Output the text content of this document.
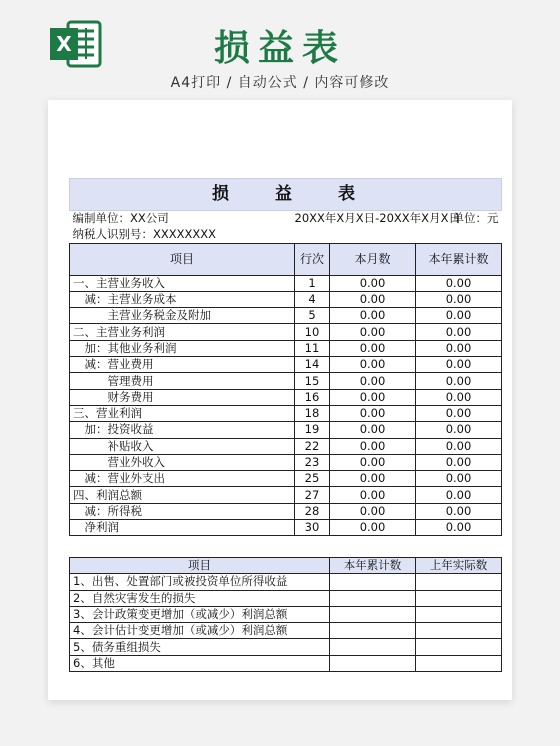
X	损益表
A4打印 / 自动公式 / 内容可修改
损　　益　　表			
编制单位：XX公司	20XX年X月X日-20XX年X月X日		单位：元
纳税人识别号：XXXXXXXX			
项目	行次	本月数	本年累计数
一、主营业务收入	1	0.00	0.00
　减：主营业务成本	4	0.00	0.00
　　　主营业务税金及附加	5	0.00	0.00
二、主营业务利润	10	0.00	0.00
　加：其他业务利润	11	0.00	0.00
　减：营业费用	14	0.00	0.00
　　　管理费用	15	0.00	0.00
　　　财务费用	16	0.00	0.00
三、营业利润	18	0.00	0.00
　加：投资收益	19	0.00	0.00
　　　补贴收入	22	0.00	0.00
　　　营业外收入	23	0.00	0.00
　减：营业外支出	25	0.00	0.00
四、利润总额	27	0.00	0.00
　减：所得税	28	0.00	0.00
　净利润	30	0.00	0.00
项目	本年累计数	上年实际数
1、出售、处置部门或被投资单位所得收益		
2、自然灾害发生的损失		
3、会计政策变更增加（或减少）利润总额		
4、会计估计变更增加（或减少）利润总额		
5、债务重组损失		
6、其他		
